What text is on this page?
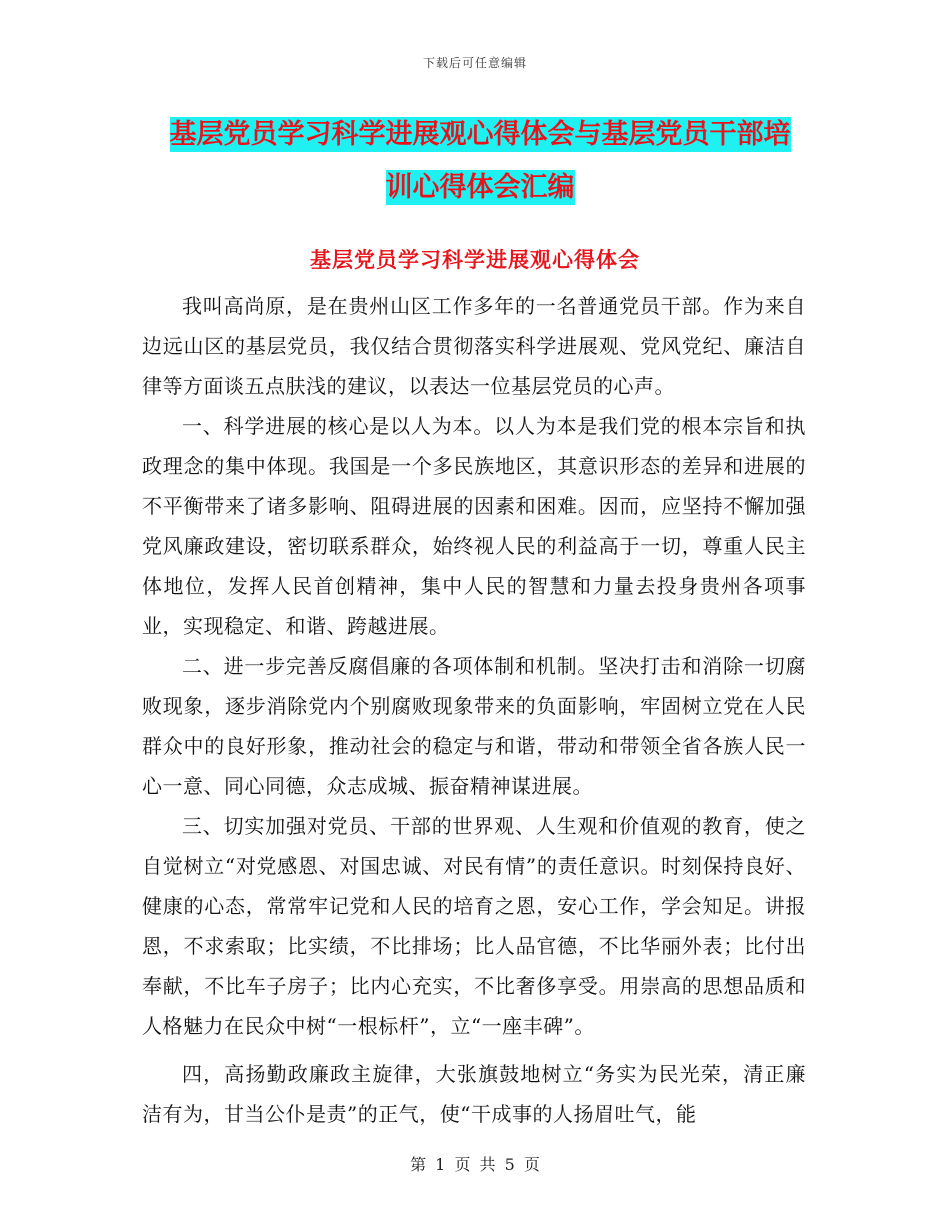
下载后可任意编辑
基层党员学习科学进展观心得体会与基层党员干部培
训心得体会汇编
基层党员学习科学进展观心得体会

我叫高尚原，是在贵州山区工作多年的一名普通党员干部。作为来自边远山区的基层党员，我仅结合贯彻落实科学进展观、党风党纪、廉洁自律等方面谈五点肤浅的建议，以表达一位基层党员的心声。

一、科学进展的核心是以人为本。以人为本是我们党的根本宗旨和执政理念的集中体现。我国是一个多民族地区，其意识形态的差异和进展的不平衡带来了诸多影响、阻碍进展的因素和困难。因而，应坚持不懈加强党风廉政建设，密切联系群众，始终视人民的利益高于一切，尊重人民主体地位，发挥人民首创精神，集中人民的智慧和力量去投身贵州各项事业，实现稳定、和谐、跨越进展。

二、进一步完善反腐倡廉的各项体制和机制。坚决打击和消除一切腐败现象，逐步消除党内个别腐败现象带来的负面影响，牢固树立党在人民群众中的良好形象，推动社会的稳定与和谐，带动和带领全省各族人民一心一意、同心同德，众志成城、振奋精神谋进展。

三、切实加强对党员、干部的世界观、人生观和价值观的教育，使之自觉树立“对党感恩、对国忠诚、对民有情”的责任意识。时刻保持良好、健康的心态，常常牢记党和人民的培育之恩，安心工作，学会知足。讲报恩，不求索取；比实绩，不比排场；比人品官德，不比华丽外表；比付出奉献，不比车子房子；比内心充实，不比奢侈享受。用崇高的思想品质和人格魅力在民众中树“一根标杆”，立“一座丰碑”。

四，高扬勤政廉政主旋律，大张旗鼓地树立“务实为民光荣，清正廉洁有为，甘当公仆是责”的正气，使“干成事的人扬眉吐气，能

第 1 页 共 5 页
